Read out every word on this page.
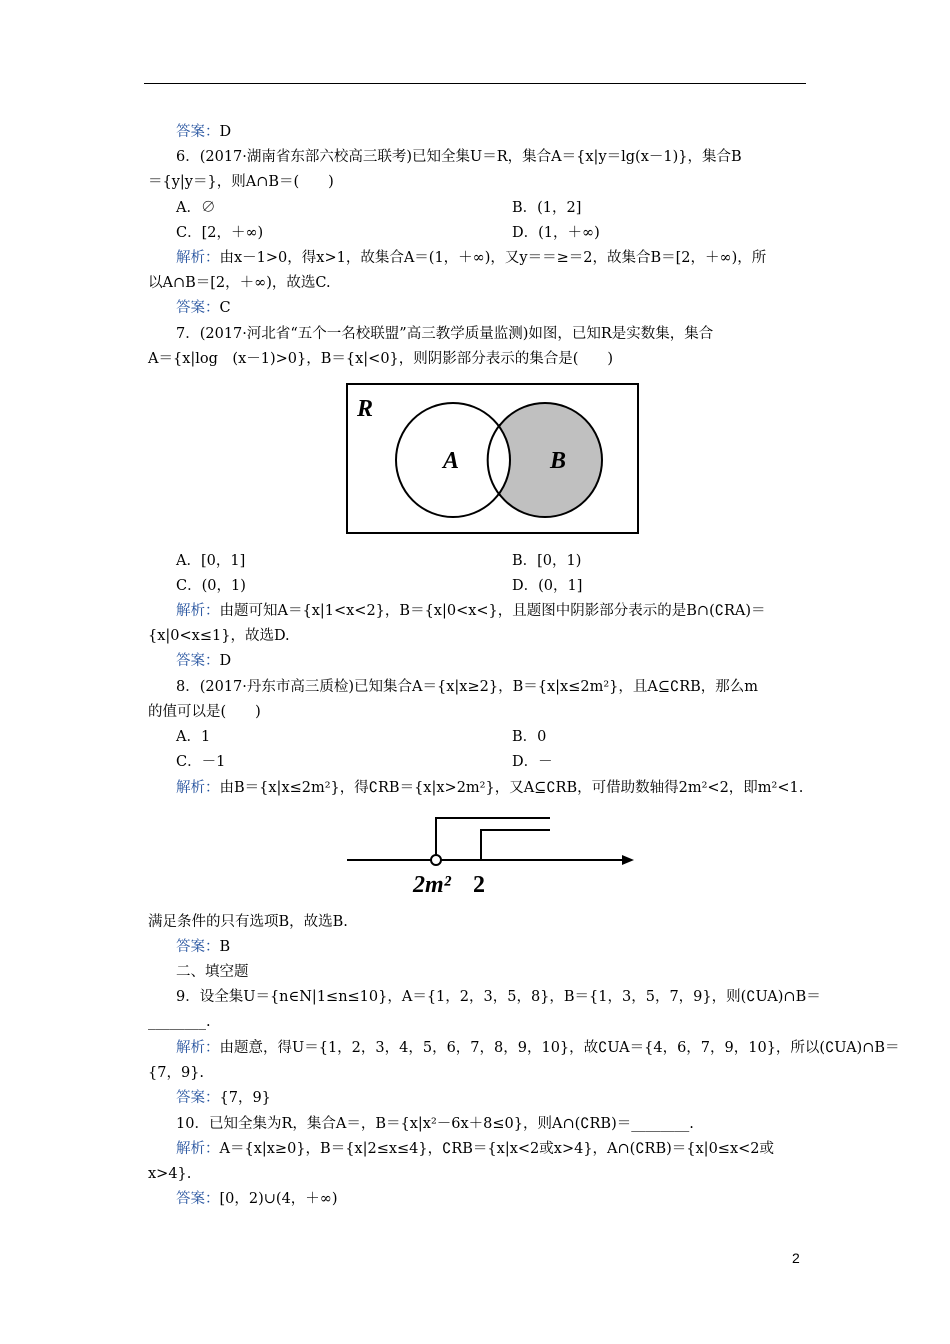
答案：D
6．(2017·湖南省东部六校高三联考)已知全集U＝R，集合A＝{x|y＝lg(x－1)}，集合B
＝{y|y＝}，则A∩B＝(　　)
A．∅	B．(1，2]
C．[2，＋∞)	D．(1，＋∞)
解析：由x－1>0，得x>1，故集合A＝(1，＋∞)，又y＝＝≥＝2，故集合B＝[2，＋∞)，所
以A∩B＝[2，＋∞)，故选C.
答案：C
7．(2017·河北省“五个一名校联盟”高三教学质量监测)如图，已知R是实数集，集合
A＝{x|log　(x－1)>0}，B＝{x|<0}，则阴影部分表示的集合是(　　)
R
A	B
A．[0，1]	B．[0，1)
C．(0，1)	D．(0，1]
解析：由题可知A＝{x|1<x<2}，B＝{x|0<x<}，且题图中阴影部分表示的是B∩(∁RA)＝
{x|0<x≤1}，故选D.
答案：D
8．(2017·丹东市高三质检)已知集合A＝{x|x≥2}，B＝{x|x≤2m²}，且A⊆∁RB，那么m
的值可以是(　　)
A．1	B．0
C．－1	D．－
解析：由B＝{x|x≤2m²}，得∁RB＝{x|x>2m²}，又A⊆∁RB，可借助数轴得2m²<2，即m²<1.
2m² 2
满足条件的只有选项B，故选B.
答案：B
二、填空题
9．设全集U＝{n∈N|1≤n≤10}，A＝{1，2，3，5，8}，B＝{1，3，5，7，9}，则(∁UA)∩B＝
________.
解析：由题意，得U＝{1，2，3，4，5，6，7，8，9，10}，故∁UA＝{4，6，7，9，10}，所以(∁UA)∩B＝
{7，9}.
答案：{7，9}
10．已知全集为R，集合A＝，B＝{x|x²－6x＋8≤0}，则A∩(∁RB)＝________.
解析：A＝{x|x≥0}，B＝{x|2≤x≤4}，∁RB＝{x|x<2或x>4}，A∩(∁RB)＝{x|0≤x<2或
x>4}.
答案：[0，2)∪(4，＋∞)
2
